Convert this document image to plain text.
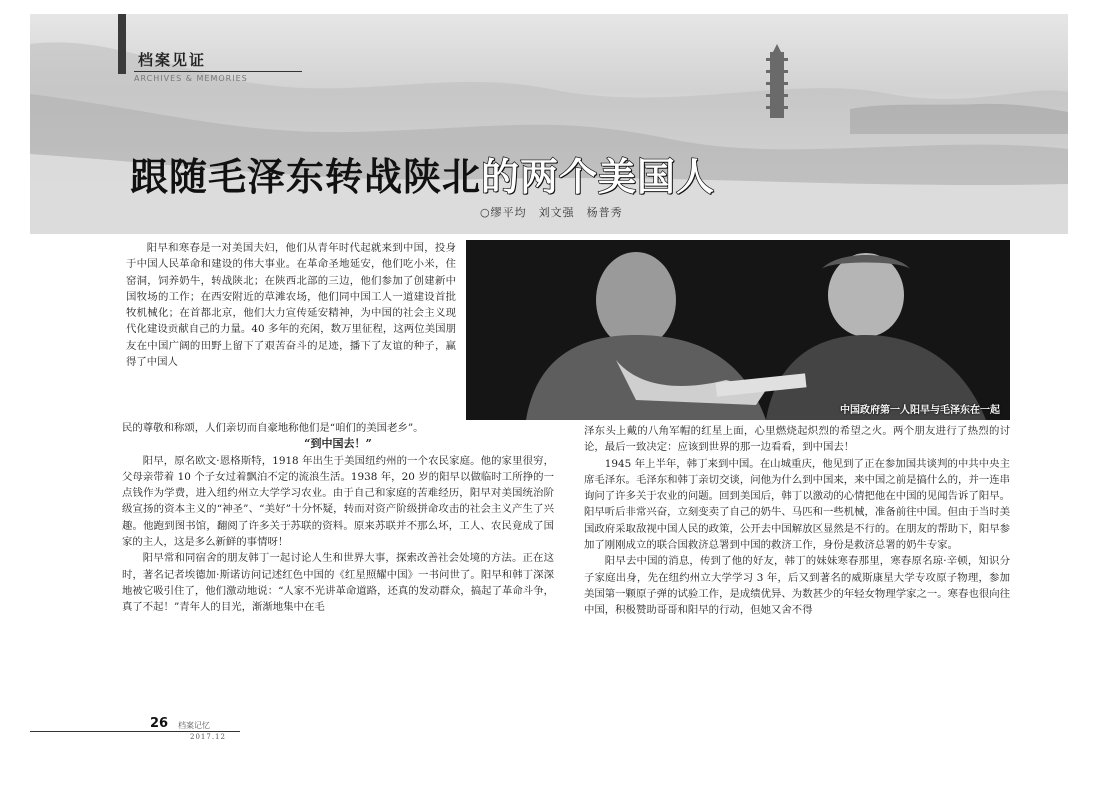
档案见证
ARCHIVES & MEMORIES
跟随毛泽东转战陕北的两个美国人
○缪平均　刘文强　杨普秀
中国政府第一人阳早与毛泽东在一起

阳早和寒春是一对美国夫妇，他们从青年时代起就来到中国，投身于中国人民革命和建设的伟大事业。在革命圣地延安，他们吃小米，住窑洞，饲养奶牛，转战陕北；在陕西北部的三边，他们参加了创建新中国牧场的工作；在西安附近的草滩农场，他们同中国工人一道建设首批牧机械化；在首都北京，他们大力宣传延安精神，为中国的社会主义现代化建设贡献自己的力量。40 多年的充闲，数万里征程，这两位美国朋友在中国广阔的田野上留下了艰苦奋斗的足迹，播下了友谊的种子，赢得了中国人

民的尊敬和称颂，人们亲切而自豪地称他们是“咱们的美国老乡”。

“到中国去！”

阳早，原名欧文·恩格斯特，1918 年出生于美国纽约州的一个农民家庭。他的家里很穷，父母亲带着 10 个子女过着飘泊不定的流浪生活。1938 年，20 岁的阳早以做临时工所挣的一点钱作为学费，进入纽约州立大学学习农业。由于自己和家庭的苦难经历，阳早对美国统治阶级宣扬的资本主义的“神圣”、“美好”十分怀疑，转而对资产阶级拼命攻击的社会主义产生了兴趣。他跑到图书馆，翻阅了许多关于苏联的资料。原来苏联并不那么坏，工人、农民竟成了国家的主人，这是多么新鲜的事情呀！

阳早常和同宿舍的朋友韩丁一起讨论人生和世界大事，探索改善社会处境的方法。正在这时，著名记者埃德加·斯诺访问记述红色中国的《红星照耀中国》一书问世了。阳早和韩丁深深地被它吸引住了，他们激动地说：“人家不光讲革命道路，还真的发动群众，搞起了革命斗争，真了不起！”青年人的目光，渐渐地集中在毛

泽东头上戴的八角军帽的红星上面，心里燃烧起炽烈的希望之火。两个朋友进行了热烈的讨论，最后一致决定：应该到世界的那一边看看，到中国去！

1945 年上半年，韩丁来到中国。在山城重庆，他见到了正在参加国共谈判的中共中央主席毛泽东。毛泽东和韩丁亲切交谈，问他为什么到中国来，来中国之前是搞什么的，并一连串询问了许多关于农业的问题。回到美国后，韩丁以激动的心情把他在中国的见闻告诉了阳早。阳早听后非常兴奋，立刻变卖了自己的奶牛、马匹和一些机械，准备前往中国。但由于当时美国政府采取敌视中国人民的政策，公开去中国解放区显然是不行的。在朋友的帮助下，阳早参加了刚刚成立的联合国救济总署到中国的救济工作，身份是救济总署的奶牛专家。

阳早去中国的消息，传到了他的好友，韩丁的妹妹寒春那里，寒春原名琼·辛顿，知识分子家庭出身，先在纽约州立大学学习 3 年，后又到著名的威斯康星大学专攻原子物理，参加美国第一颗原子弹的试验工作，是成绩优异、为数甚少的年轻女物理学家之一。寒春也很向往中国，积极赞助哥哥和阳早的行动，但她又舍不得

26 档案记忆
2017.12
